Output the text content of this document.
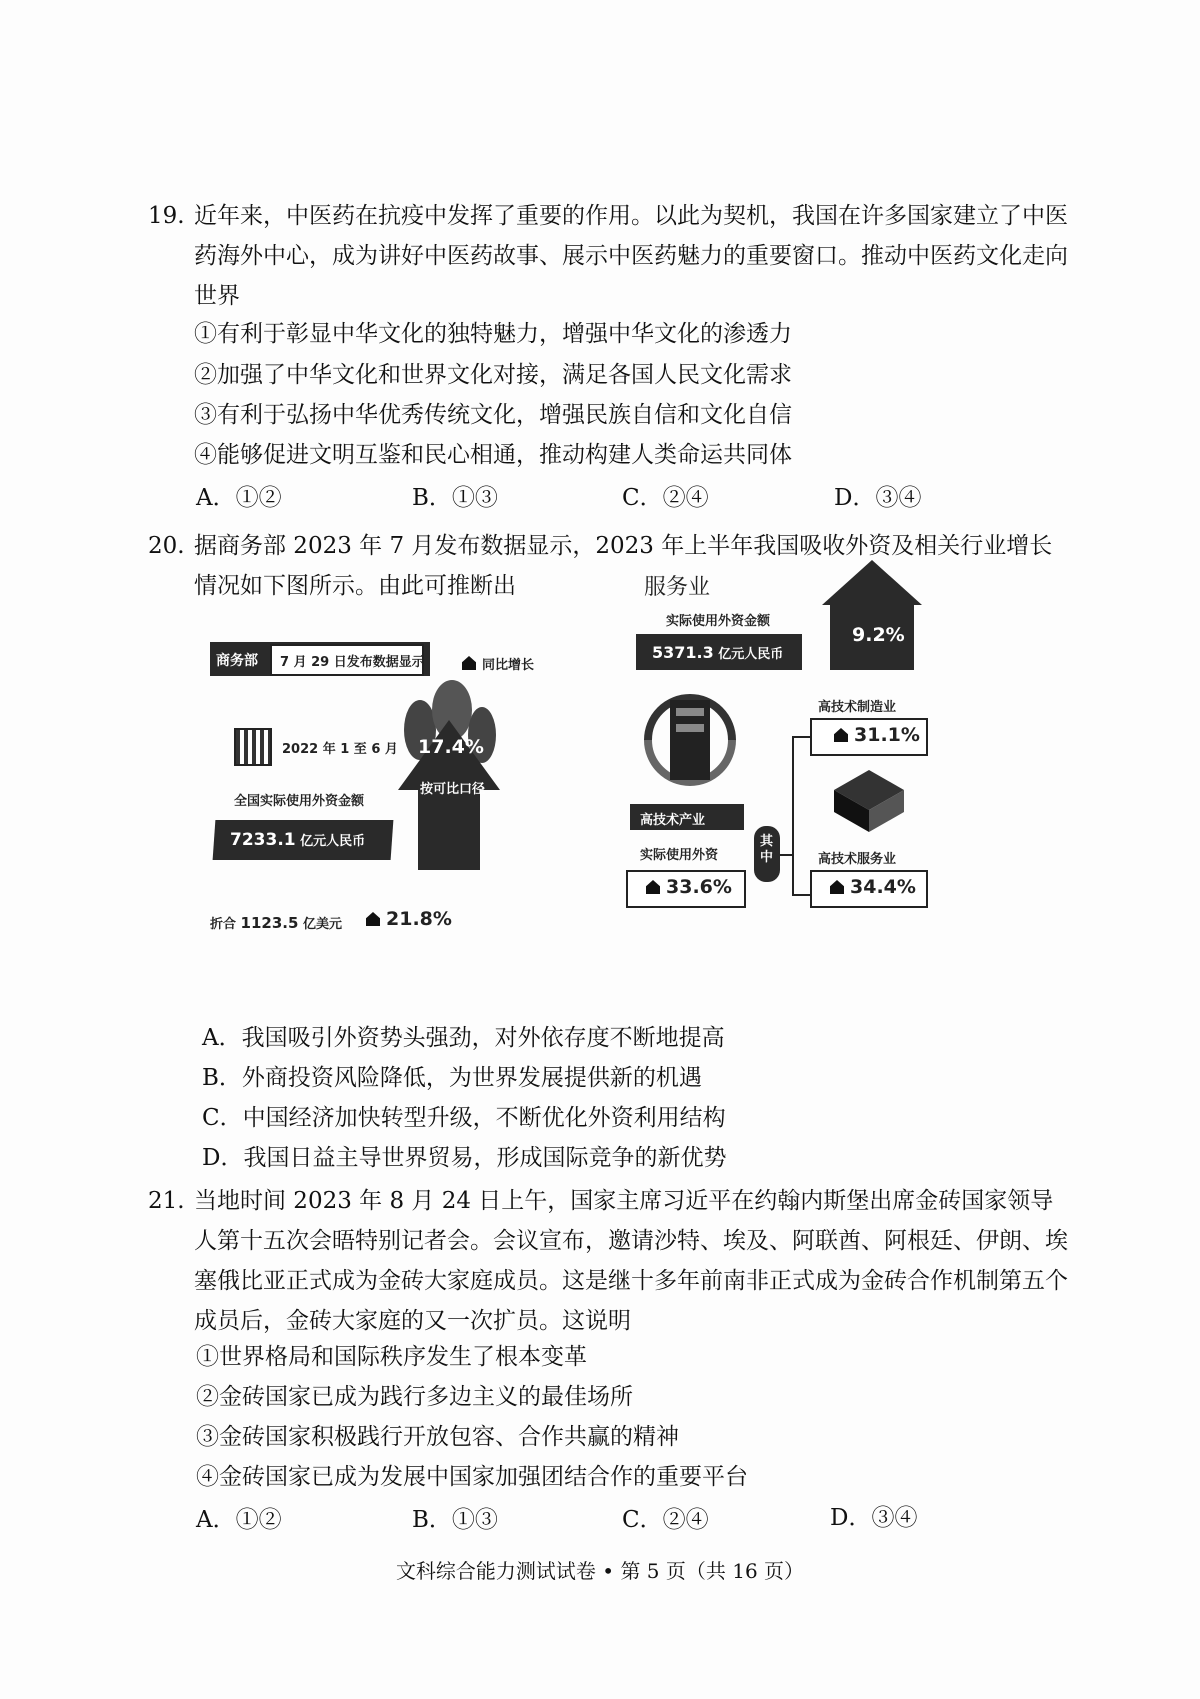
19. 近年来，中医药在抗疫中发挥了重要的作用。以此为契机，我国在许多国家建立了中医药海外中心，成为讲好中医药故事、展示中医药魅力的重要窗口。推动中医药文化走向世界
①有利于彰显中华文化的独特魅力，增强中华文化的渗透力
②加强了中华文化和世界文化对接，满足各国人民文化需求
③有利于弘扬中华优秀传统文化，增强民族自信和文化自信
④能够促进文明互鉴和民心相通，推动构建人类命运共同体
A．①②	B．①③	C．②④	D．③④
20. 据商务部 2023 年 7 月发布数据显示，2023 年上半年我国吸收外资及相关行业增长情况如下图所示。由此可推断出
商务部 7 月 29 日发布数据显示	同比增长
2022 年 1 至 6 月
全国实际使用外资金额
7233.1 亿元人民币
17.4%
按可比口径
折合 1123.5 亿美元	21.8%
服务业
实际使用外资金额
5371.3 亿元人民币
9.2%
高技术产业
实际使用外资
33.6%
其中
高技术制造业
31.1%
高技术服务业
34.4%
A．我国吸引外资势头强劲，对外依存度不断地提高
B．外商投资风险降低，为世界发展提供新的机遇
C．中国经济加快转型升级，不断优化外资利用结构
D．我国日益主导世界贸易，形成国际竞争的新优势
21. 当地时间 2023 年 8 月 24 日上午，国家主席习近平在约翰内斯堡出席金砖国家领导人第十五次会晤特别记者会。会议宣布，邀请沙特、埃及、阿联酋、阿根廷、伊朗、埃塞俄比亚正式成为金砖大家庭成员。这是继十多年前南非正式成为金砖合作机制第五个成员后，金砖大家庭的又一次扩员。这说明
①世界格局和国际秩序发生了根本变革
②金砖国家已成为践行多边主义的最佳场所
③金砖国家积极践行开放包容、合作共赢的精神
④金砖国家已成为发展中国家加强团结合作的重要平台
A．①②	B．①③	C．②④	D．③④
文科综合能力测试试卷 • 第 5 页（共 16 页）
